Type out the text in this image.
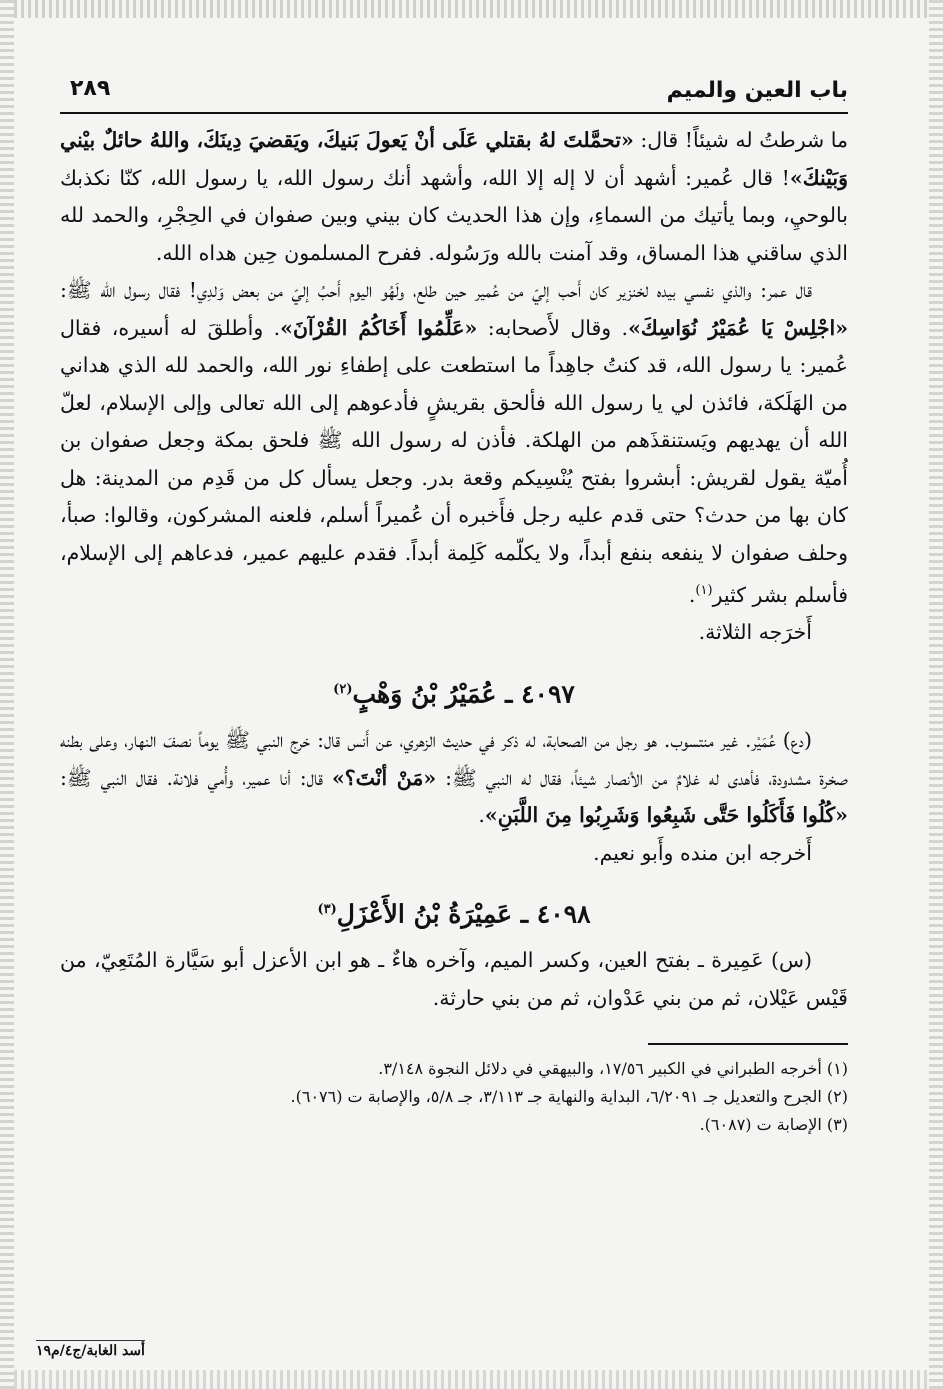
باب العين والميم
٢٨٩

ما شرطتُ له شيئاً! قال: «تحمَّلتَ لهُ بقتلي عَلَى أنْ يَعولَ بَنيكَ، ويَقضيَ دِينَكَ، واللهُ حائلٌ بيْني وَبَيْنكَ»! قال عُمير: أشهد أن لا إله إلا الله، وأشهد أنك رسول الله، يا رسول الله، كنّا نكذبك بالوحيِ، وبما يأتيك من السماءِ، وإن هذا الحديث كان بيني وبين صفوان في الحِجْرِ، والحمد لله الذي ساقني هذا المساق، وقد آمنت بالله ورَسُوله. ففرح المسلمون حِين هداه الله.

قال عمر: والذي نفسي بيده لخنزير كان أَحب إليّ من عُمير حين طلع، ولَهُو اليوم أَحبُ إليّ من بعض وَلدِي! فقال رسول الله ﷺ: «اجْلِسْ يَا عُمَيْرُ نُوَاسِكَ». وقال لأَصحابه: «عَلِّمُوا أَخَاكُمُ القُرْآنَ». وأطلقَ له أسيره، فقال عُمير: يا رسول الله، قد كنتُ جاهِداً ما استطعت على إطفاءِ نور الله، والحمد لله الذي هداني من الهَلَكة، فائذن لي يا رسول الله فألحق بقريشٍ فأدعوهم إلى الله تعالى وإلى الإسلام، لعلّ الله أن يهديهم ويَستنقذَهم من الهلكة. فأذن له رسول الله ﷺ فلحق بمكة وجعل صفوان بن أُميّة يقول لقريش: أبشروا بفتح يُنْسِيكم وقعة بدر. وجعل يسأل كل من قَدِم من المدينة: هل كان بها من حدث؟ حتى قدم عليه رجل فأَخبره أن عُميراً أسلم، فلعنه المشركون، وقالوا: صبأ، وحلف صفوان لا ينفعه بنفع أبداً، ولا يكلّمه كَلِمة أبداً. فقدم عليهم عمير، فدعاهم إلى الإسلام، فأسلم بشر كثير$^{(١)}$.

أَخرَجه الثلاثة.

٤٠٩٧ ـ عُمَيْرُ بْنُ وَهْبٍ$^{(٢)}$

(دع) عُمَيْر. غير منتسوب. هو رجل من الصحابة، له ذكر في حديث الزهري، عن أَنس قال: خرج النبي ﷺ يوماً نصفَ النهار، وعلى بطنه صخرة مشدودة، فأهدى له غلامٌ من الأنصار شيئاً، فقال له النبي ﷺ: «مَنْ أنْتَ؟» قال: أنا عمير، وأُمي فلانة. فقال النبي ﷺ: «كُلُوا فَأَكَلُوا حَتَّى شَبِعُوا وَشَرِبُوا مِنَ اللَّبَنِ».

أَخرجه ابن منده وأَبو نعيم.

٤٠٩٨ ـ عَمِيْرَةُ بْنُ الأَعْزَلِ$^{(٣)}$

(س) عَمِيرة ـ بفتح العين، وكسر الميم، وآخره هاءٌ ـ هو ابن الأعزل أبو سَيَّارة المُتَعِيّ، من قَيْس عَيْلان، ثم من بني عَدْوان، ثم من بني حارثة.

(١) أخرجه الطبراني في الكبير ١٧/٥٦، والبيهقي في دلائل النجوة ٣/١٤٨.

(٢) الجرح والتعديل جـ ٦/٢٠٩١، البداية والنهاية جـ ٣/١١٣، جـ ٥/٨، والإصابة ت (٦٠٧٦).

(٣) الإصابة ت (٦٠٨٧).

أسد الغابة/ج٤/م١٩
